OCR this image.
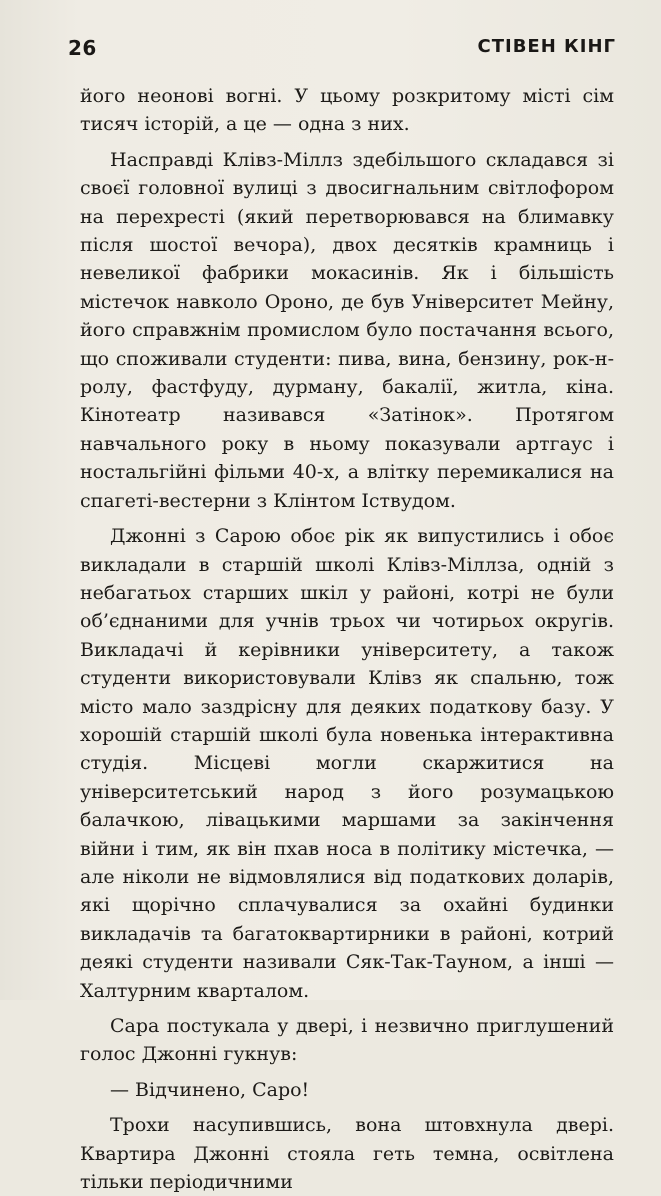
26	СТІВЕН КІНГ

його неонові вогні. У цьому розкритому місті сім тисяч історій, а це — одна з них.

Насправді Клівз-Міллз здебільшого складався зі своєї головної вулиці з двосигнальним світлофором на перехресті (який перетворювався на блимавку після шостої вечора), двох десятків крамниць і невеликої фабрики мокасинів. Як і більшість містечок навколо Ороно, де був Університет Мейну, його справжнім промислом було постачання всього, що споживали студенти: пива, вина, бензину, рок-н-ролу, фастфуду, дурману, бакалії, житла, кіна. Кінотеатр називався «Затінок». Протягом навчального року в ньому показували артгаус і ностальгійні фільми 40-х, а влітку перемикалися на спагеті-вестерни з Клінтом Іствудом.

Джонні з Сарою обоє рік як випустились і обоє викладали в старшій школі Клівз-Міллза, одній з небагатьох старших шкіл у районі, котрі не були об’єднаними для учнів трьох чи чотирьох округів. Викладачі й керівники університету, а також студенти використовували Клівз як спальню, тож місто мало заздрісну для деяких податкову базу. У хорошій старшій школі була новенька інтерактивна студія. Місцеві могли скаржитися на університетський народ з його розумацькою балачкою, лівацькими маршами за закінчення війни і тим, як він пхав носа в політику містечка, — але ніколи не відмовлялися від податкових доларів, які щорічно сплачувалися за охайні будинки викладачів та багатоквартирники в районі, котрий деякі студенти називали Сяк-Так-Тауном, а інші — Халтурним кварталом.

Сара постукала у двері, і незвично приглушений голос Джонні гукнув:

— Відчинено, Саро!

Трохи насупившись, вона штовхнула двері. Квартира Джонні стояла геть темна, освітлена тільки періодичними
